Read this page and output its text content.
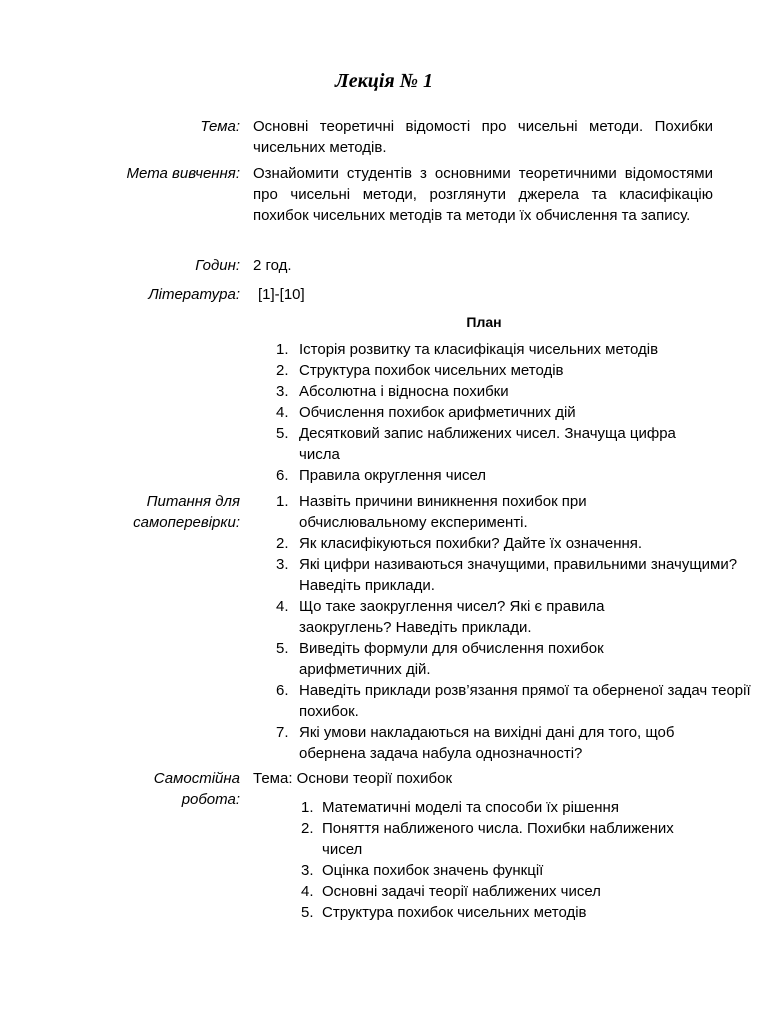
Лекція № 1
Тема: Основні теоретичні відомості про чисельні методи. Похибки чисельних методів.
Мета вивчення: Ознайомити студентів з основними теоретичними відомостями про чисельні методи, розглянути джерела та класифікацію похибок чисельних методів та методи їх обчислення та запису.
Годин: 2 год.
Література: [1]-[10]
План
1. Історія розвитку та класифікація чисельних методів
2. Структура похибок чисельних методів
3. Абсолютна і відносна похибки
4. Обчислення похибок арифметичних дій
5. Десятковий запис наближених чисел. Значуща цифра числа
6. Правила округлення чисел
Питання для самоперевірки:
1. Назвіть причини виникнення похибок при обчислювальному експерименті.
2. Як класифікуються похибки? Дайте їх означення.
3. Які цифри називаються значущими, правильними значущими? Наведіть приклади.
4. Що таке заокруглення чисел? Які є правила заокруглень? Наведіть приклади.
5. Виведіть формули для обчислення похибок арифметичних дій.
6. Наведіть приклади розв’язання прямої та оберненої задач теорії похибок.
7. Які умови накладаються на вихідні дані для того, щоб обернена задача набула однозначності?
Самостійна робота:
Тема: Основи теорії похибок
1. Математичні моделі та способи їх рішення
2. Поняття наближеного числа. Похибки наближених чисел
3. Оцінка похибок значень функції
4. Основні задачі теорії наближених чисел
5. Структура похибок чисельних методів
